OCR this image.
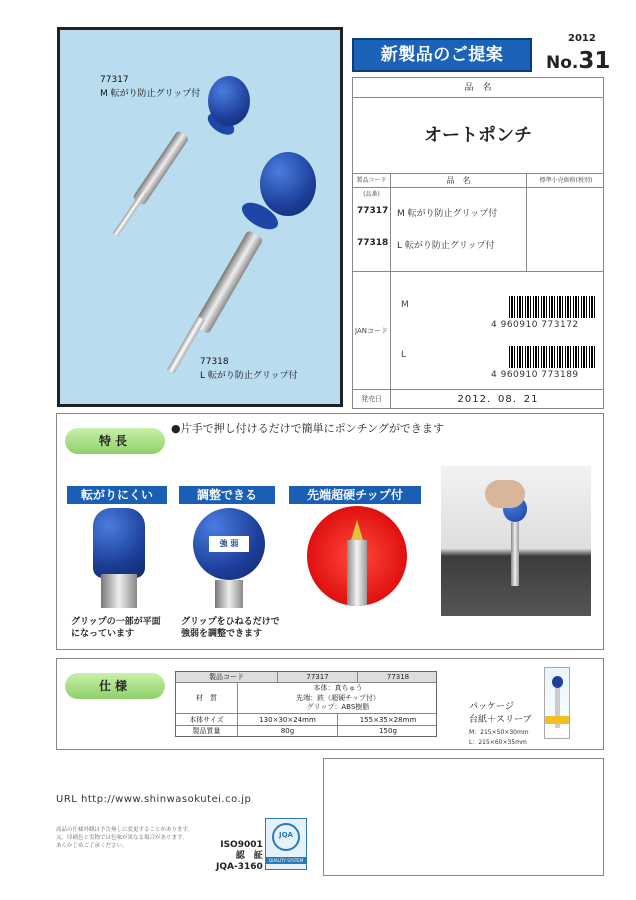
77317
M 転がり防止グリップ付
77318
L 転がり防止グリップ付
新製品のご提案
2012
No.31
品　名
オートポンチ
製品コード(品番)
品　名	標準小売価格(税別)
77317 M 転がり防止グリップ付
77318 L 転がり防止グリップ付
JANコード
M
4 960910 773172
L
4 960910 773189
発売日	2012．08．21
特長
●片手で押し付けるだけで簡単にポンチングができます
転がりにくい
グリップの一部が平面
になっています
調整できる
強 弱
グリップをひねるだけで
強弱を調整できます
先端超硬チップ付
仕様
製品コード	77317	77318
材　質
本体：真ちゅう
先端：鉄（超硬チップ付）
グリップ：ABS樹脂
本体サイズ	130×30×24mm	155×35×28mm
製品質量	80g	150g
パッケージ
台紙＋スリーブ
M：215×50×30mm
L：215×60×35mm
URL http://www.shinwasokutei.co.jp
商品の仕様外観は予告無しに変更することがあります。
又、印刷色と実物では色味が異なる場合があります。
あらかじめご了承ください。	ISO9001
認　証
JQA-3160
JQA
QUALITY SYSTEM
